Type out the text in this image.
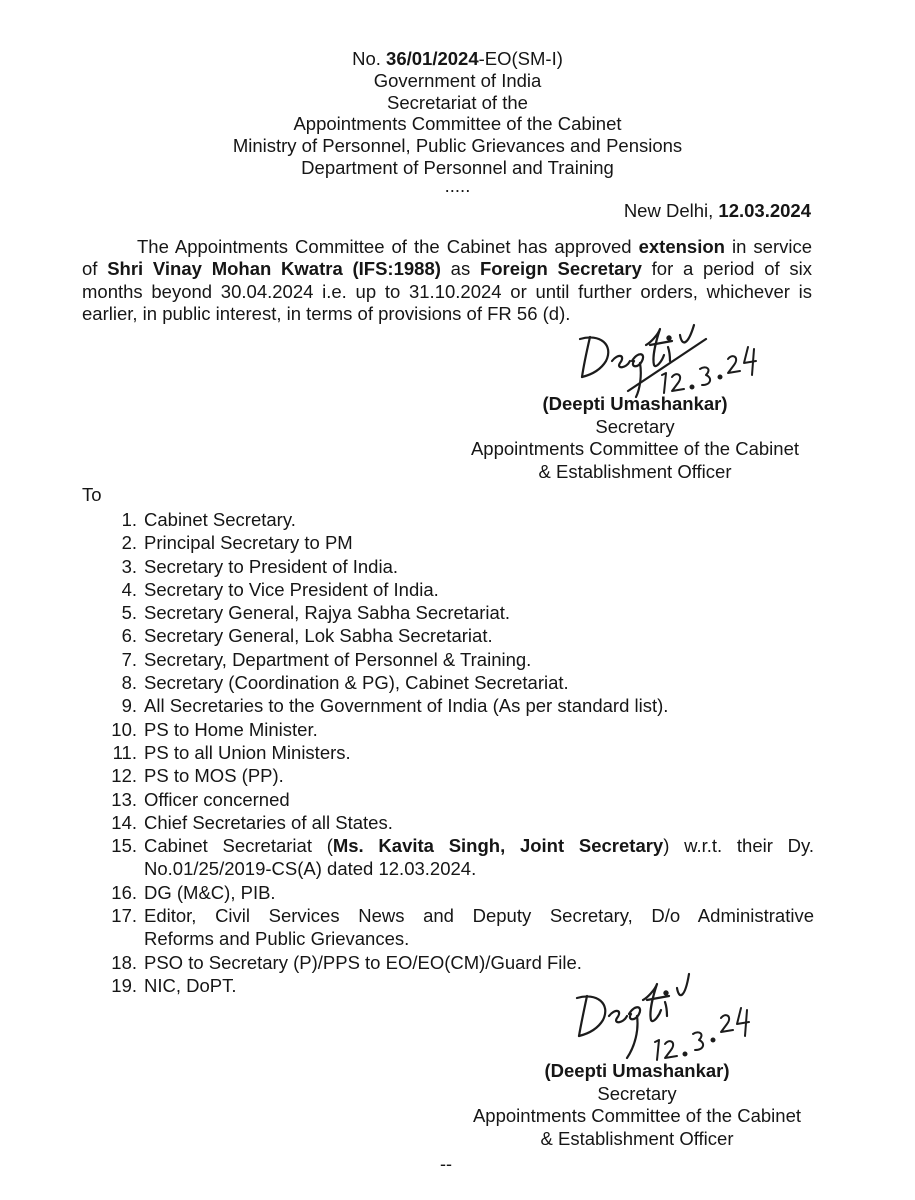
No. 36/01/2024-EO(SM-I)
Government of India
Secretariat of the
Appointments Committee of the Cabinet
Ministry of Personnel, Public Grievances and Pensions
Department of Personnel and Training
.....
New Delhi, 12.03.2024
The Appointments Committee of the Cabinet has approved extension in service
of Shri Vinay Mohan Kwatra (IFS:1988) as Foreign Secretary for a period of six
months beyond 30.04.2024 i.e. up to 31.10.2024 or until further orders, whichever is
earlier, in public interest, in terms of provisions of FR 56 (d).
(Deepti Umashankar)
Secretary
Appointments Committee of the Cabinet
& Establishment Officer
To
1. Cabinet Secretary.
2. Principal Secretary to PM
3. Secretary to President of India.
4. Secretary to Vice President of India.
5. Secretary General, Rajya Sabha Secretariat.
6. Secretary General, Lok Sabha Secretariat.
7. Secretary, Department of Personnel & Training.
8. Secretary (Coordination & PG), Cabinet Secretariat.
9. All Secretaries to the Government of India (As per standard list).
10. PS to Home Minister.
11. PS to all Union Ministers.
12. PS to MOS (PP).
13. Officer concerned
14. Chief Secretaries of all States.
15. Cabinet Secretariat (Ms. Kavita Singh, Joint Secretary) w.r.t. their Dy.
No.01/25/2019-CS(A) dated 12.03.2024.
16. DG (M&C), PIB.
17. Editor, Civil Services News and Deputy Secretary, D/o Administrative
Reforms and Public Grievances.
18. PSO to Secretary (P)/PPS to EO/EO(CM)/Guard File.
19. NIC, DoPT.
(Deepti Umashankar)
Secretary
Appointments Committee of the Cabinet
& Establishment Officer
--
